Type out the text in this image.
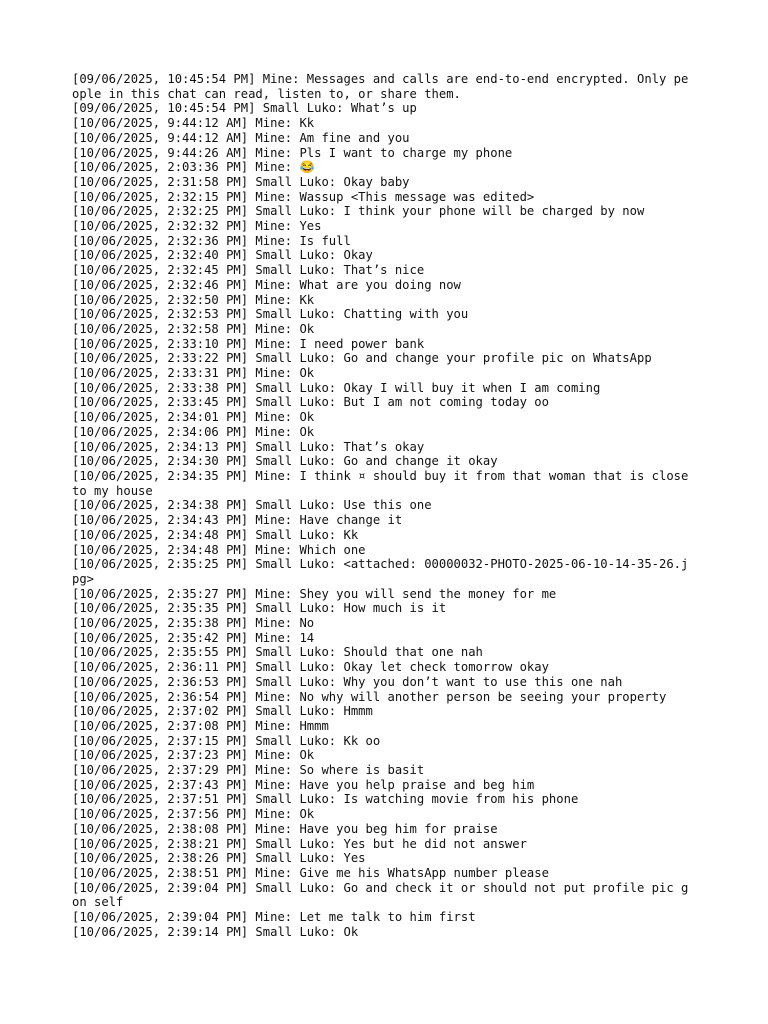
[09/06/2025, 10:45:54 PM] Mine: Messages and calls are end-to-end encrypted. Only people in this chat can read, listen to, or share them.

[09/06/2025, 10:45:54 PM] Small Luko: What’s up

[10/06/2025, 9:44:12 AM] Mine: Kk

[10/06/2025, 9:44:12 AM] Mine: Am fine and you

[10/06/2025, 9:44:26 AM] Mine: Pls I want to charge my phone

[10/06/2025, 2:03:36 PM] Mine: 😂

[10/06/2025, 2:31:58 PM] Small Luko: Okay baby

[10/06/2025, 2:32:15 PM] Mine: Wassup <This message was edited>

[10/06/2025, 2:32:25 PM] Small Luko: I think your phone will be charged by now

[10/06/2025, 2:32:32 PM] Mine: Yes

[10/06/2025, 2:32:36 PM] Mine: Is full

[10/06/2025, 2:32:40 PM] Small Luko: Okay

[10/06/2025, 2:32:45 PM] Small Luko: That’s nice

[10/06/2025, 2:32:46 PM] Mine: What are you doing now

[10/06/2025, 2:32:50 PM] Mine: Kk

[10/06/2025, 2:32:53 PM] Small Luko: Chatting with you

[10/06/2025, 2:32:58 PM] Mine: Ok

[10/06/2025, 2:33:10 PM] Mine: I need power bank

[10/06/2025, 2:33:22 PM] Small Luko: Go and change your profile pic on WhatsApp

[10/06/2025, 2:33:31 PM] Mine: Ok

[10/06/2025, 2:33:38 PM] Small Luko: Okay I will buy it when I am coming

[10/06/2025, 2:33:45 PM] Small Luko: But I am not coming today oo

[10/06/2025, 2:34:01 PM] Mine: Ok

[10/06/2025, 2:34:06 PM] Mine: Ok

[10/06/2025, 2:34:13 PM] Small Luko: That’s okay

[10/06/2025, 2:34:30 PM] Small Luko: Go and change it okay

[10/06/2025, 2:34:35 PM] Mine: I think ¤ should buy it from that woman that is close to my house

[10/06/2025, 2:34:38 PM] Small Luko: Use this one

[10/06/2025, 2:34:43 PM] Mine: Have change it

[10/06/2025, 2:34:48 PM] Small Luko: Kk

[10/06/2025, 2:34:48 PM] Mine: Which one

[10/06/2025, 2:35:25 PM] Small Luko: <attached: 00000032-PHOTO-2025-06-10-14-35-26.jpg>

[10/06/2025, 2:35:27 PM] Mine: Shey you will send the money for me

[10/06/2025, 2:35:35 PM] Small Luko: How much is it

[10/06/2025, 2:35:38 PM] Mine: No

[10/06/2025, 2:35:42 PM] Mine: 14

[10/06/2025, 2:35:55 PM] Small Luko: Should that one nah

[10/06/2025, 2:36:11 PM] Small Luko: Okay let check tomorrow okay

[10/06/2025, 2:36:53 PM] Small Luko: Why you don’t want to use this one nah

[10/06/2025, 2:36:54 PM] Mine: No why will another person be seeing your property

[10/06/2025, 2:37:02 PM] Small Luko: Hmmm

[10/06/2025, 2:37:08 PM] Mine: Hmmm

[10/06/2025, 2:37:15 PM] Small Luko: Kk oo

[10/06/2025, 2:37:23 PM] Mine: Ok

[10/06/2025, 2:37:29 PM] Mine: So where is basit

[10/06/2025, 2:37:43 PM] Mine: Have you help praise and beg him

[10/06/2025, 2:37:51 PM] Small Luko: Is watching movie from his phone

[10/06/2025, 2:37:56 PM] Mine: Ok

[10/06/2025, 2:38:08 PM] Mine: Have you beg him for praise

[10/06/2025, 2:38:21 PM] Small Luko: Yes but he did not answer

[10/06/2025, 2:38:26 PM] Small Luko: Yes

[10/06/2025, 2:38:51 PM] Mine: Give me his WhatsApp number please

[10/06/2025, 2:39:04 PM] Small Luko: Go and check it or should not put profile pic gon self

[10/06/2025, 2:39:04 PM] Mine: Let me talk to him first

[10/06/2025, 2:39:14 PM] Small Luko: Ok
